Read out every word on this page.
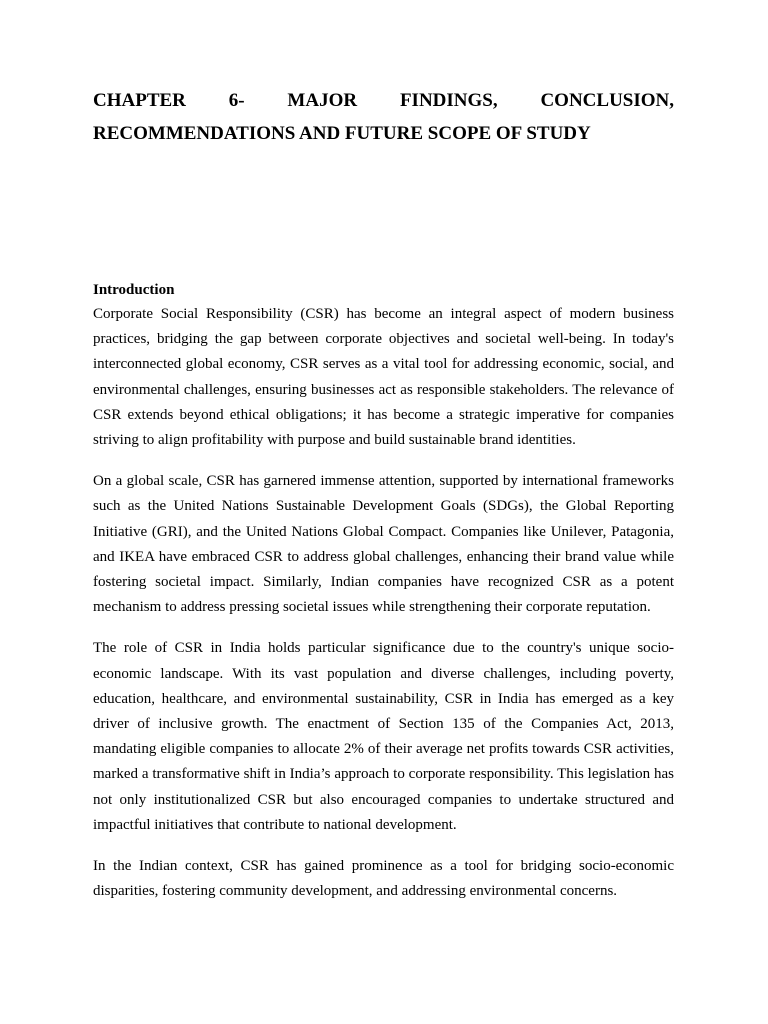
CHAPTER 6- MAJOR FINDINGS, CONCLUSION,
RECOMMENDATIONS AND FUTURE SCOPE OF STUDY
Introduction

Corporate Social Responsibility (CSR) has become an integral aspect of modern business practices, bridging the gap between corporate objectives and societal well-being. In today's interconnected global economy, CSR serves as a vital tool for addressing economic, social, and environmental challenges, ensuring businesses act as responsible stakeholders. The relevance of CSR extends beyond ethical obligations; it has become a strategic imperative for companies striving to align profitability with purpose and build sustainable brand identities.

On a global scale, CSR has garnered immense attention, supported by international frameworks such as the United Nations Sustainable Development Goals (SDGs), the Global Reporting Initiative (GRI), and the United Nations Global Compact. Companies like Unilever, Patagonia, and IKEA have embraced CSR to address global challenges, enhancing their brand value while fostering societal impact. Similarly, Indian companies have recognized CSR as a potent mechanism to address pressing societal issues while strengthening their corporate reputation.

The role of CSR in India holds particular significance due to the country's unique socio-economic landscape. With its vast population and diverse challenges, including poverty, education, healthcare, and environmental sustainability, CSR in India has emerged as a key driver of inclusive growth. The enactment of Section 135 of the Companies Act, 2013, mandating eligible companies to allocate 2% of their average net profits towards CSR activities, marked a transformative shift in India’s approach to corporate responsibility. This legislation has not only institutionalized CSR but also encouraged companies to undertake structured and impactful initiatives that contribute to national development.

In the Indian context, CSR has gained prominence as a tool for bridging socio-economic disparities, fostering community development, and addressing environmental concerns.
